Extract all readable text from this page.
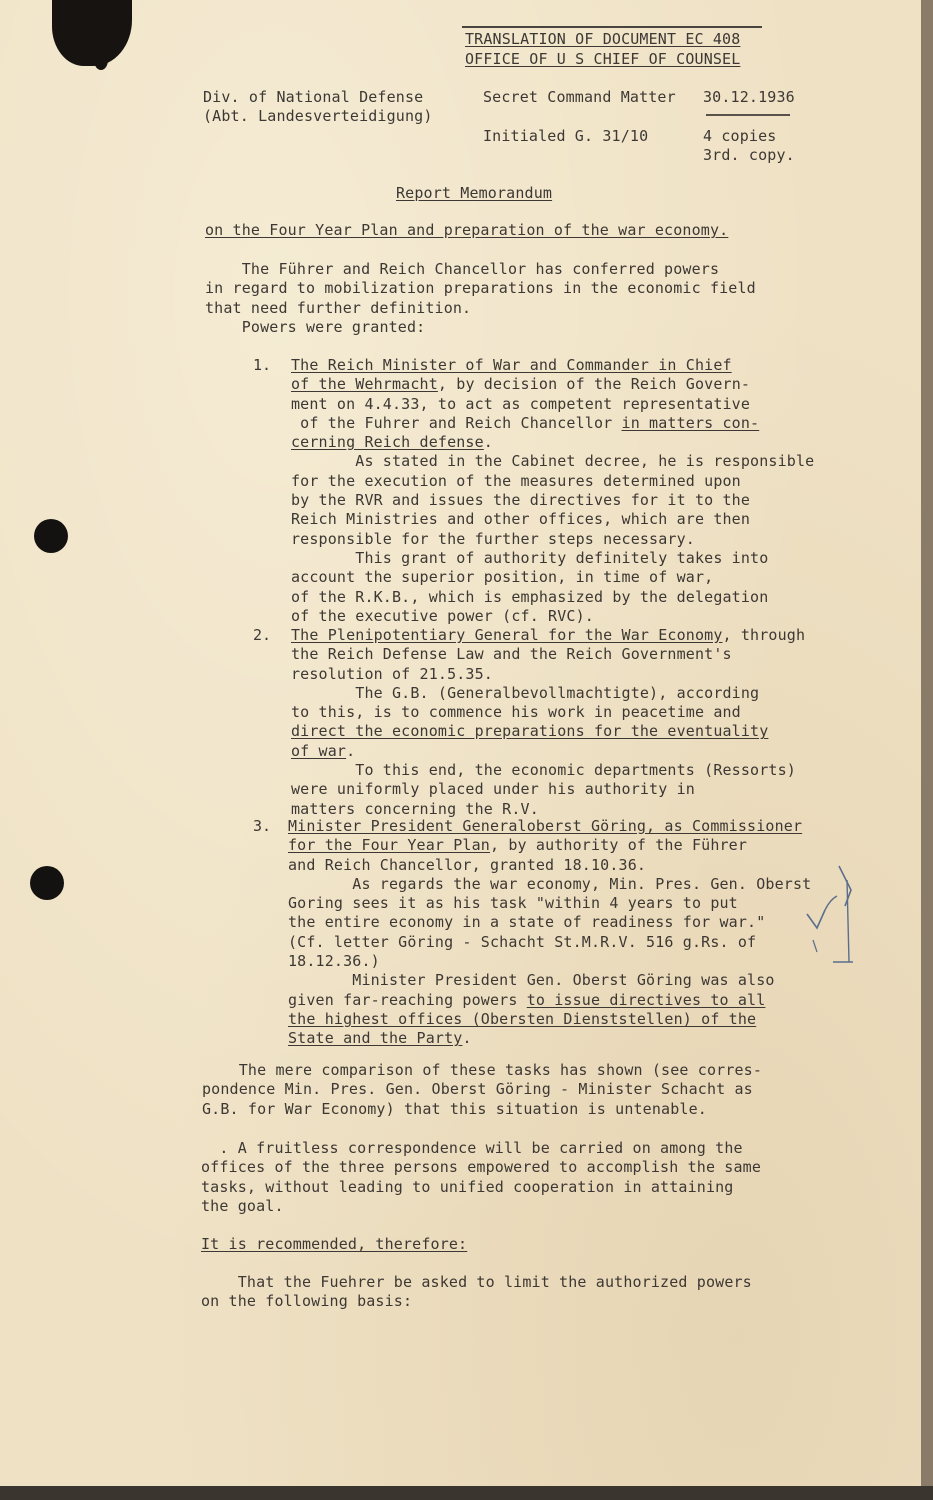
TRANSLATION OF DOCUMENT EC 408

OFFICE OF U S CHIEF OF COUNSEL

Div. of National Defense

(Abt. Landesverteidigung)

Secret Command Matter 30.12.1936

Initialed G. 31/10	4 copies

3rd. copy.

Report Memorandum

on the Four Year Plan and preparation of the war economy.

The Führer and Reich Chancellor has conferred powers
in regard to mobilization preparations in the economic field
that need further definition.
Powers were granted:
1. The Reich Minister of War and Commander in Chief
of the Wehrmacht, by decision of the Reich Govern-
ment on 4.4.33, to act as competent representative
of the Fuhrer and Reich Chancellor in matters con-
cerning Reich defense.
As stated in the Cabinet decree, he is responsible
for the execution of the measures determined upon
by the RVR and issues the directives for it to the
Reich Ministries and other offices, which are then
responsible for the further steps necessary.
This grant of authority definitely takes into
account the superior position, in time of war,
of the R.K.B., which is emphasized by the delegation
of the executive power (cf. RVC).
2. The Plenipotentiary General for the War Economy, through
the Reich Defense Law and the Reich Government's
resolution of 21.5.35.
The G.B. (Generalbevollmachtigte), according
to this, is to commence his work in peacetime and
direct the economic preparations for the eventuality
of war.
To this end, the economic departments (Ressorts)
were uniformly placed under his authority in
matters concerning the R.V.
3. Minister President Generaloberst Göring, as Commissioner
for the Four Year Plan, by authority of the Führer
and Reich Chancellor, granted 18.10.36.
As regards the war economy, Min. Pres. Gen. Oberst
Goring sees it as his task "within 4 years to put
the entire economy in a state of readiness for war."
(Cf. letter Göring - Schacht St.M.R.V. 516 g.Rs. of
18.12.36.)
Minister President Gen. Oberst Göring was also
given far-reaching powers to issue directives to all
the highest offices (Obersten Dienststellen) of the
State and the Party.
The mere comparison of these tasks has shown (see corres-
pondence Min. Pres. Gen. Oberst Göring - Minister Schacht as
G.B. for War Economy) that this situation is untenable.
. A fruitless correspondence will be carried on among the
offices of the three persons empowered to accomplish the same
tasks, without leading to unified cooperation in attaining
the goal.

It is recommended, therefore:

That the Fuehrer be asked to limit the authorized powers
on the following basis:
